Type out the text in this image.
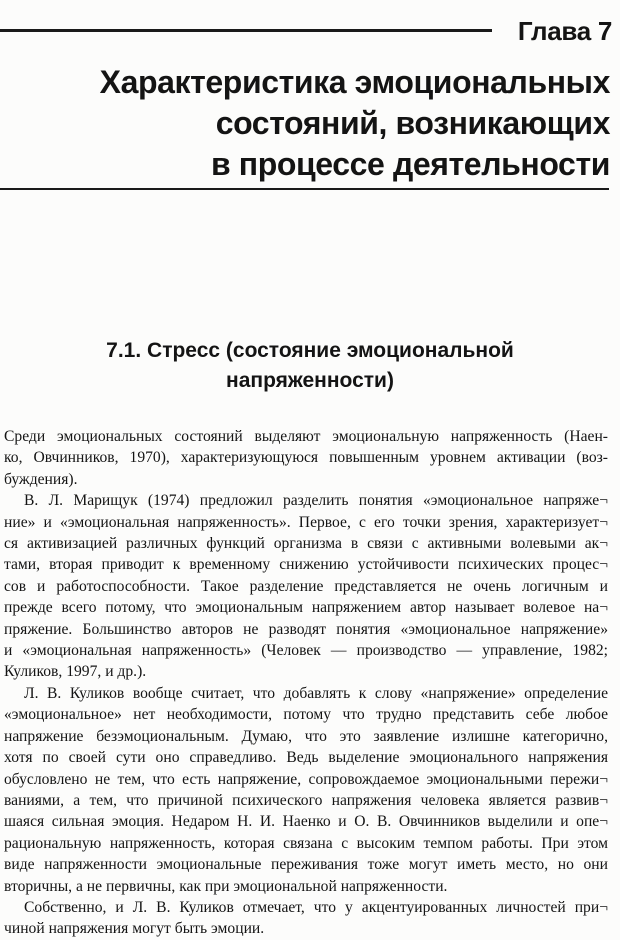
Глава 7
Характеристика эмоциональных
состояний, возникающих
в процессе деятельности
7.1. Стресс (состояние эмоциональной
напряженности)

Среди эмоциональных состояний выделяют эмоциональную напряженность (Наен-
ко, Овчинников, 1970), характеризующуюся повышенным уровнем активации (воз-
буждения).

В. Л. Марищук (1974) предложил разделить понятия «эмоциональное напряже¬
ние» и «эмоциональная напряженность». Первое, с его точки зрения, характеризует¬
ся активизацией различных функций организма в связи с активными волевыми ак¬
тами, вторая приводит к временному снижению устойчивости психических процес¬
сов и работоспособности. Такое разделение представляется не очень логичным и
прежде всего потому, что эмоциональным напряжением автор называет волевое на¬
пряжение. Большинство авторов не разводят понятия «эмоциональное напряжение»
и «эмоциональная напряженность» (Человек — производство — управление, 1982;
Куликов, 1997, и др.).

Л. В. Куликов вообще считает, что добавлять к слову «напряжение» определение
«эмоциональное» нет необходимости, потому что трудно представить себе любое
напряжение безэмоциональным. Думаю, что это заявление излишне категорично,
хотя по своей сути оно справедливо. Ведь выделение эмоционального напряжения
обусловлено не тем, что есть напряжение, сопровождаемое эмоциональными пережи¬
ваниями, а тем, что причиной психического напряжения человека является развив¬
шаяся сильная эмоция. Недаром Н. И. Наенко и О. В. Овчинников выделили и опе¬
рациональную напряженность, которая связана с высоким темпом работы. При этом
виде напряженности эмоциональные переживания тоже могут иметь место, но они
вторичны, а не первичны, как при эмоциональной напряженности.

Собственно, и Л. В. Куликов отмечает, что у акцентуированных личностей при¬
чиной напряжения могут быть эмоции.
